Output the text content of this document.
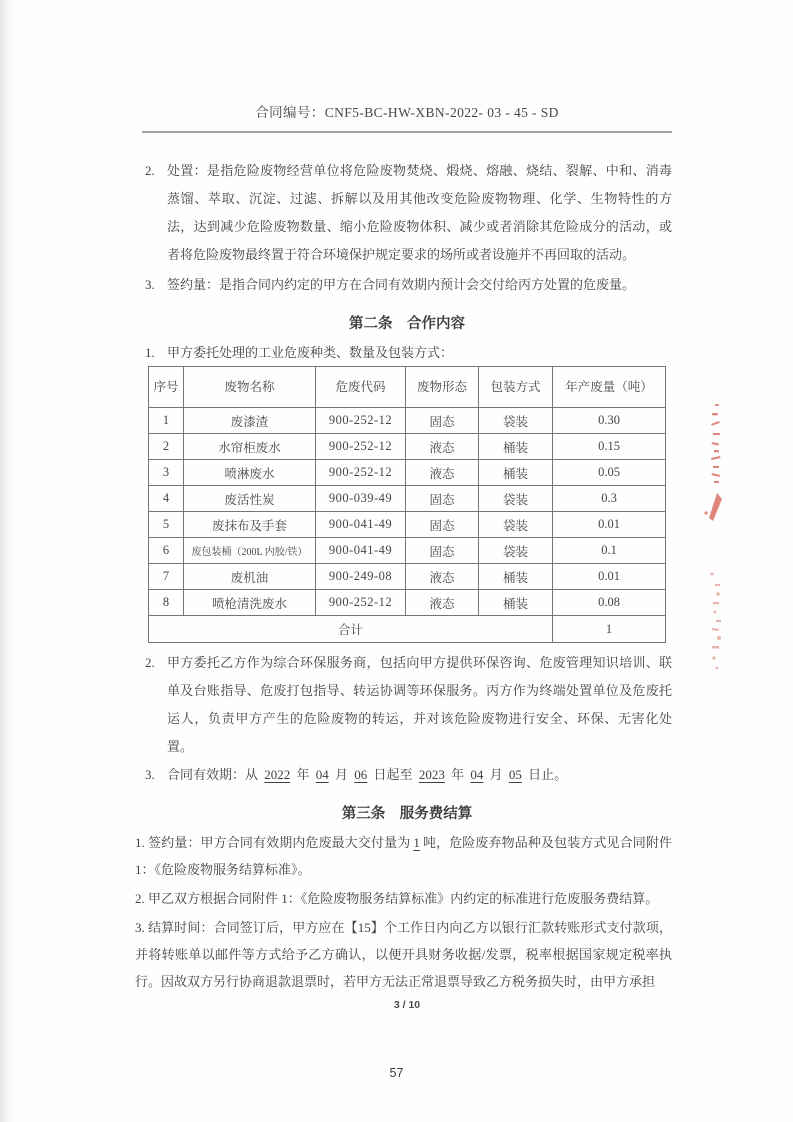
合同编号：CNF5-BC-HW-XBN-2022- 03 - 45 - SD
2. 处置：是指危险废物经营单位将危险废物焚烧、煅烧、熔融、烧结、裂解、中和、消毒蒸馏、萃取、沉淀、过滤、拆解以及用其他改变危险废物物理、化学、生物特性的方法，达到减少危险废物数量、缩小危险废物体积、减少或者消除其危险成分的活动，或者将危险废物最终置于符合环境保护规定要求的场所或者设施并不再回取的活动。
3. 签约量：是指合同内约定的甲方在合同有效期内预计会交付给丙方处置的危废量。
第二条　合作内容
1. 甲方委托处理的工业危废种类、数量及包装方式：
序号	废物名称	危废代码	废物形态	包装方式	年产废量（吨）
1	废漆渣	900-252-12	固态	袋装	0.30
2	水帘柜废水	900-252-12	液态	桶装	0.15
3	喷淋废水	900-252-12	液态	桶装	0.05
4	废活性炭	900-039-49	固态	袋装	0.3
5	废抹布及手套	900-041-49	固态	袋装	0.01
6	废包装桶（200L 内胶/铁）	900-041-49	固态	袋装	0.1
7	废机油	900-249-08	液态	桶装	0.01
8	喷枪清洗废水	900-252-12	液态	桶装	0.08
合计					1
2. 甲方委托乙方作为综合环保服务商，包括向甲方提供环保咨询、危废管理知识培训、联单及台账指导、危废打包指导、转运协调等环保服务。丙方作为终端处置单位及危废托运人，负责甲方产生的危险废物的转运，并对该危险废物进行安全、环保、无害化处置。
3. 合同有效期：从 2022 年 04 月 06 日起至 2023 年 04 月 05 日止。
第三条　服务费结算
1. 签约量：甲方合同有效期内危废最大交付量为 1 吨，危险废弃物品种及包装方式见合同附件 1：《危险废物服务结算标准》。
2. 甲乙双方根据合同附件 1：《危险废物服务结算标准》内约定的标准进行危废服务费结算。
3. 结算时间：合同签订后，甲方应在【15】个工作日内向乙方以银行汇款转账形式支付款项，并将转账单以邮件等方式给予乙方确认，以便开具财务收据/发票，税率根据国家规定税率执行。因故双方另行协商退款退票时，若甲方无法正常退票导致乙方税务损失时，由甲方承担
3 / 10
57
